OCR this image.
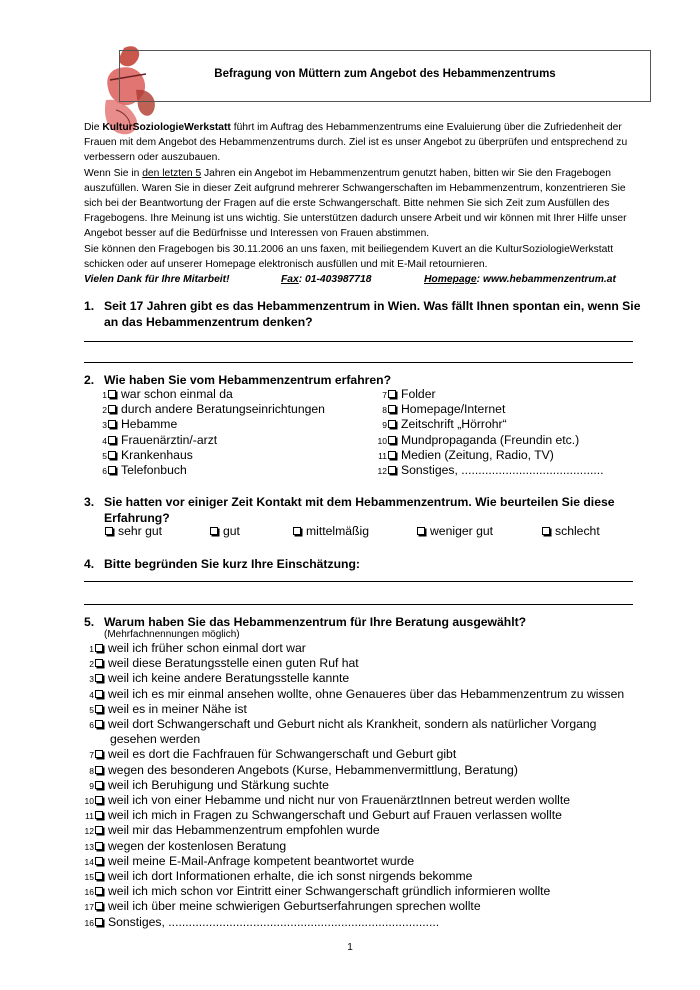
Befragung von Müttern zum Angebot des Hebammenzentrums

Die KulturSoziologieWerkstatt führt im Auftrag des Hebammenzentrums eine Evaluierung über die Zufriedenheit der Frauen mit dem Angebot des Hebammenzentrums durch. Ziel ist es unser Angebot zu überprüfen und entsprechend zu verbessern oder auszubauen.

Wenn Sie in den letzten 5 Jahren ein Angebot im Hebammenzentrum genutzt haben, bitten wir Sie den Fragebogen auszufüllen. Waren Sie in dieser Zeit aufgrund mehrerer Schwangerschaften im Hebammenzentrum, konzentrieren Sie sich bei der Beantwortung der Fragen auf die erste Schwangerschaft. Bitte nehmen Sie sich Zeit zum Ausfüllen des Fragebogens. Ihre Meinung ist uns wichtig. Sie unterstützen dadurch unsere Arbeit und wir können mit Ihrer Hilfe unser Angebot besser auf die Bedürfnisse und Interessen von Frauen abstimmen.

Sie können den Fragebogen bis 30.11.2006 an uns faxen, mit beiliegendem Kuvert an die KulturSoziologieWerkstatt schicken oder auf unserer Homepage elektronisch ausfüllen und mit E-Mail retournieren.

Vielen Dank für Ihre Mitarbeit!	Fax: 01-403987718	Homepage: www.hebammenzentrum.at
1. Seit 17 Jahren gibt es das Hebammenzentrum in Wien. Was fällt Ihnen spontan ein, wenn Sie an das Hebammenzentrum denken?
2. Wie haben Sie vom Hebammenzentrum erfahren?
1 war schon einmal da
2 durch andere Beratungseinrichtungen
3 Hebamme
4 Frauenärztin/-arzt
5 Krankenhaus
6 Telefonbuch
7 Folder
8 Homepage/Internet
9 Zeitschrift „Hörrohr“
10 Mundpropaganda (Freundin etc.)
11 Medien (Zeitung, Radio, TV)
12 Sonstiges, ..........................................
3. Sie hatten vor einiger Zeit Kontakt mit dem Hebammenzentrum. Wie beurteilen Sie diese Erfahrung?
sehr gut	gut	mittelmäßig	weniger gut	schlecht
4. Bitte begründen Sie kurz Ihre Einschätzung:
5. Warum haben Sie das Hebammenzentrum für Ihre Beratung ausgewählt?
(Mehrfachnennungen möglich)
1 weil ich früher schon einmal dort war
2 weil diese Beratungsstelle einen guten Ruf hat
3 weil ich keine andere Beratungsstelle kannte
4 weil ich es mir einmal ansehen wollte, ohne Genaueres über das Hebammenzentrum zu wissen
5 weil es in meiner Nähe ist
6 weil dort Schwangerschaft und Geburt nicht als Krankheit, sondern als natürlicher Vorgang
gesehen werden
7 weil es dort die Fachfrauen für Schwangerschaft und Geburt gibt
8 wegen des besonderen Angebots (Kurse, Hebammenvermittlung, Beratung)
9 weil ich Beruhigung und Stärkung suchte
10 weil ich von einer Hebamme und nicht nur von FrauenärztInnen betreut werden wollte
11 weil ich mich in Fragen zu Schwangerschaft und Geburt auf Frauen verlassen wollte
12 weil mir das Hebammenzentrum empfohlen wurde
13 wegen der kostenlosen Beratung
14 weil meine E-Mail-Anfrage kompetent beantwortet wurde
15 weil ich dort Informationen erhalte, die ich sonst nirgends bekomme
16 weil ich mich schon vor Eintritt einer Schwangerschaft gründlich informieren wollte
17 weil ich über meine schwierigen Geburtserfahrungen sprechen wollte
16 Sonstiges, ................................................................................
1
